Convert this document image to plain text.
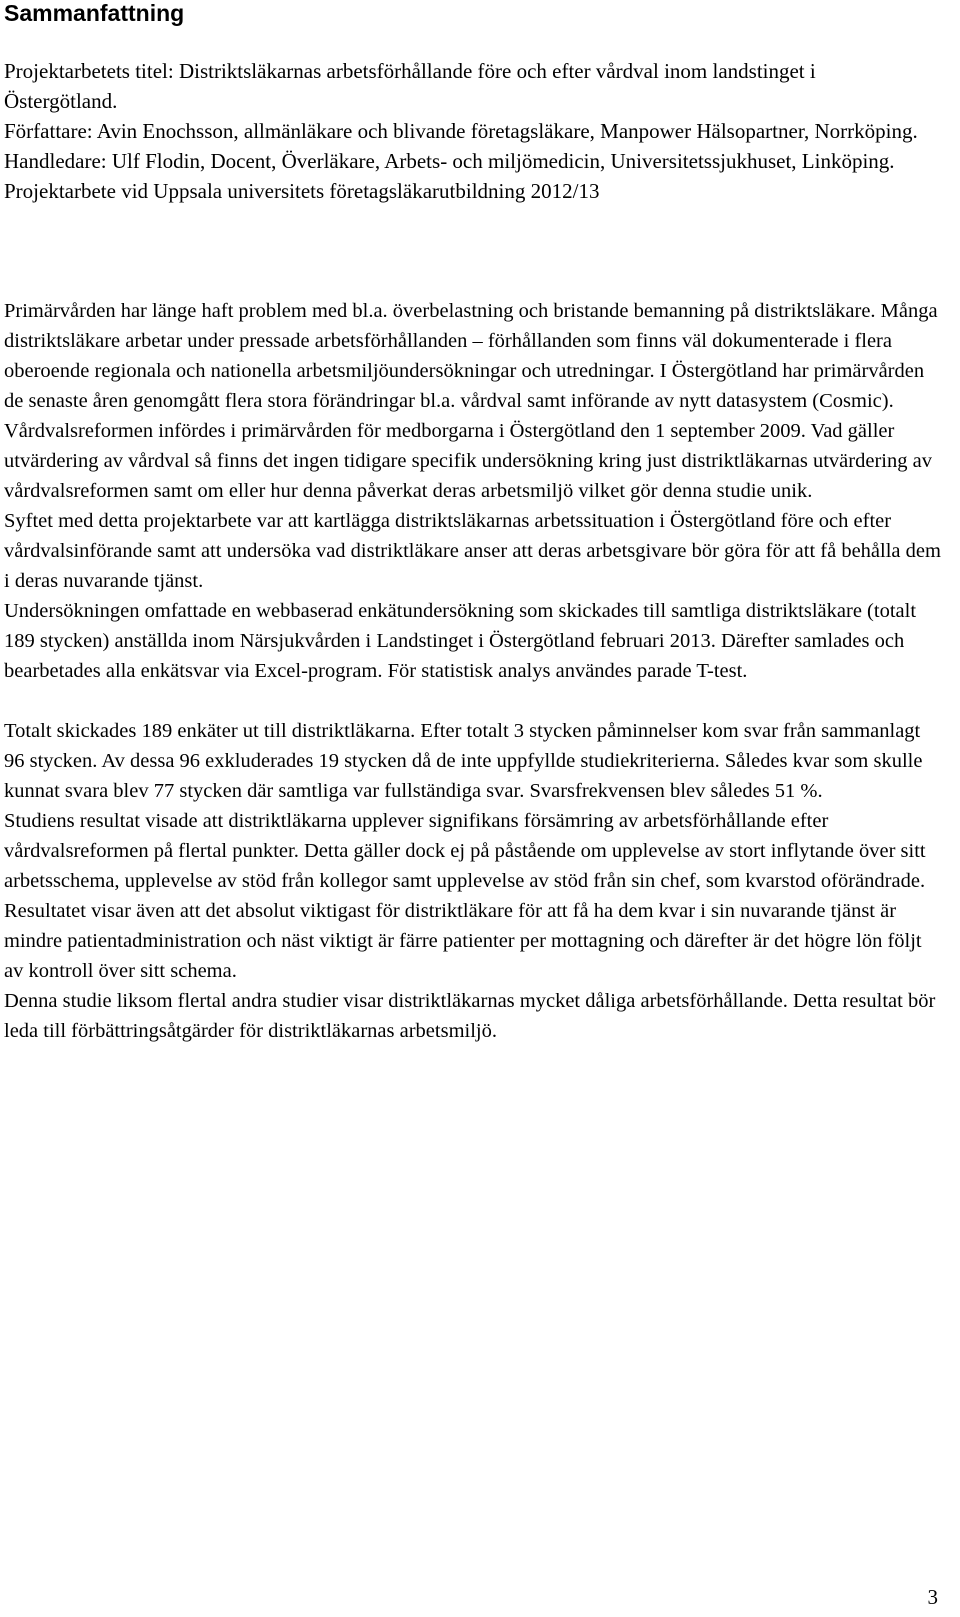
Sammanfattning
Projektarbetets titel: Distriktsläkarnas arbetsförhållande före och efter vårdval inom landstinget i Östergötland.
Författare: Avin Enochsson, allmänläkare och blivande företagsläkare, Manpower Hälsopartner, Norrköping.
Handledare: Ulf Flodin, Docent, Överläkare, Arbets- och miljömedicin, Universitetssjukhuset, Linköping.
Projektarbete vid Uppsala universitets företagsläkarutbildning 2012/13
Primärvården har länge haft problem med bl.a. överbelastning och bristande bemanning på distriktsläkare. Många distriktsläkare arbetar under pressade arbetsförhållanden – förhållanden som finns väl dokumenterade i flera oberoende regionala och nationella arbetsmiljöundersökningar och utredningar. I Östergötland har primärvården de senaste åren genomgått flera stora förändringar bl.a. vårdval samt införande av nytt datasystem (Cosmic). Vårdvalsreformen infördes i primärvården för medborgarna i Östergötland den 1 september 2009. Vad gäller utvärdering av vårdval så finns det ingen tidigare specifik undersökning kring just distriktläkarnas utvärdering av vårdvalsreformen samt om eller hur denna påverkat deras arbetsmiljö vilket gör denna studie unik.
Syftet med detta projektarbete var att kartlägga distriktsläkarnas arbetssituation i Östergötland före och efter vårdvalsinförande samt att undersöka vad distriktläkare anser att deras arbetsgivare bör göra för att få behålla dem i deras nuvarande tjänst.
Undersökningen omfattade en webbaserad enkätundersökning som skickades till samtliga distriktsläkare (totalt 189 stycken) anställda inom Närsjukvården i Landstinget i Östergötland februari 2013. Därefter samlades och bearbetades alla enkätsvar via Excel-program. För statistisk analys användes parade T-test.
Totalt skickades 189 enkäter ut till distriktläkarna. Efter totalt 3 stycken påminnelser kom svar från sammanlagt 96 stycken. Av dessa 96 exkluderades 19 stycken då de inte uppfyllde studiekriterierna. Således kvar som skulle kunnat svara blev 77 stycken där samtliga var fullständiga svar. Svarsfrekvensen blev således 51 %.
Studiens resultat visade att distriktläkarna upplever signifikans försämring av arbetsförhållande efter vårdvalsreformen på flertal punkter. Detta gäller dock ej på påstående om upplevelse av stort inflytande över sitt arbetsschema, upplevelse av stöd från kollegor samt upplevelse av stöd från sin chef, som kvarstod oförändrade.
Resultatet visar även att det absolut viktigast för distriktläkare för att få ha dem kvar i sin nuvarande tjänst är mindre patientadministration och näst viktigt är färre patienter per mottagning och därefter är det högre lön följt av kontroll över sitt schema.
Denna studie liksom flertal andra studier visar distriktläkarnas mycket dåliga arbetsförhållande. Detta resultat bör leda till förbättringsåtgärder för distriktläkarnas arbetsmiljö.
3
